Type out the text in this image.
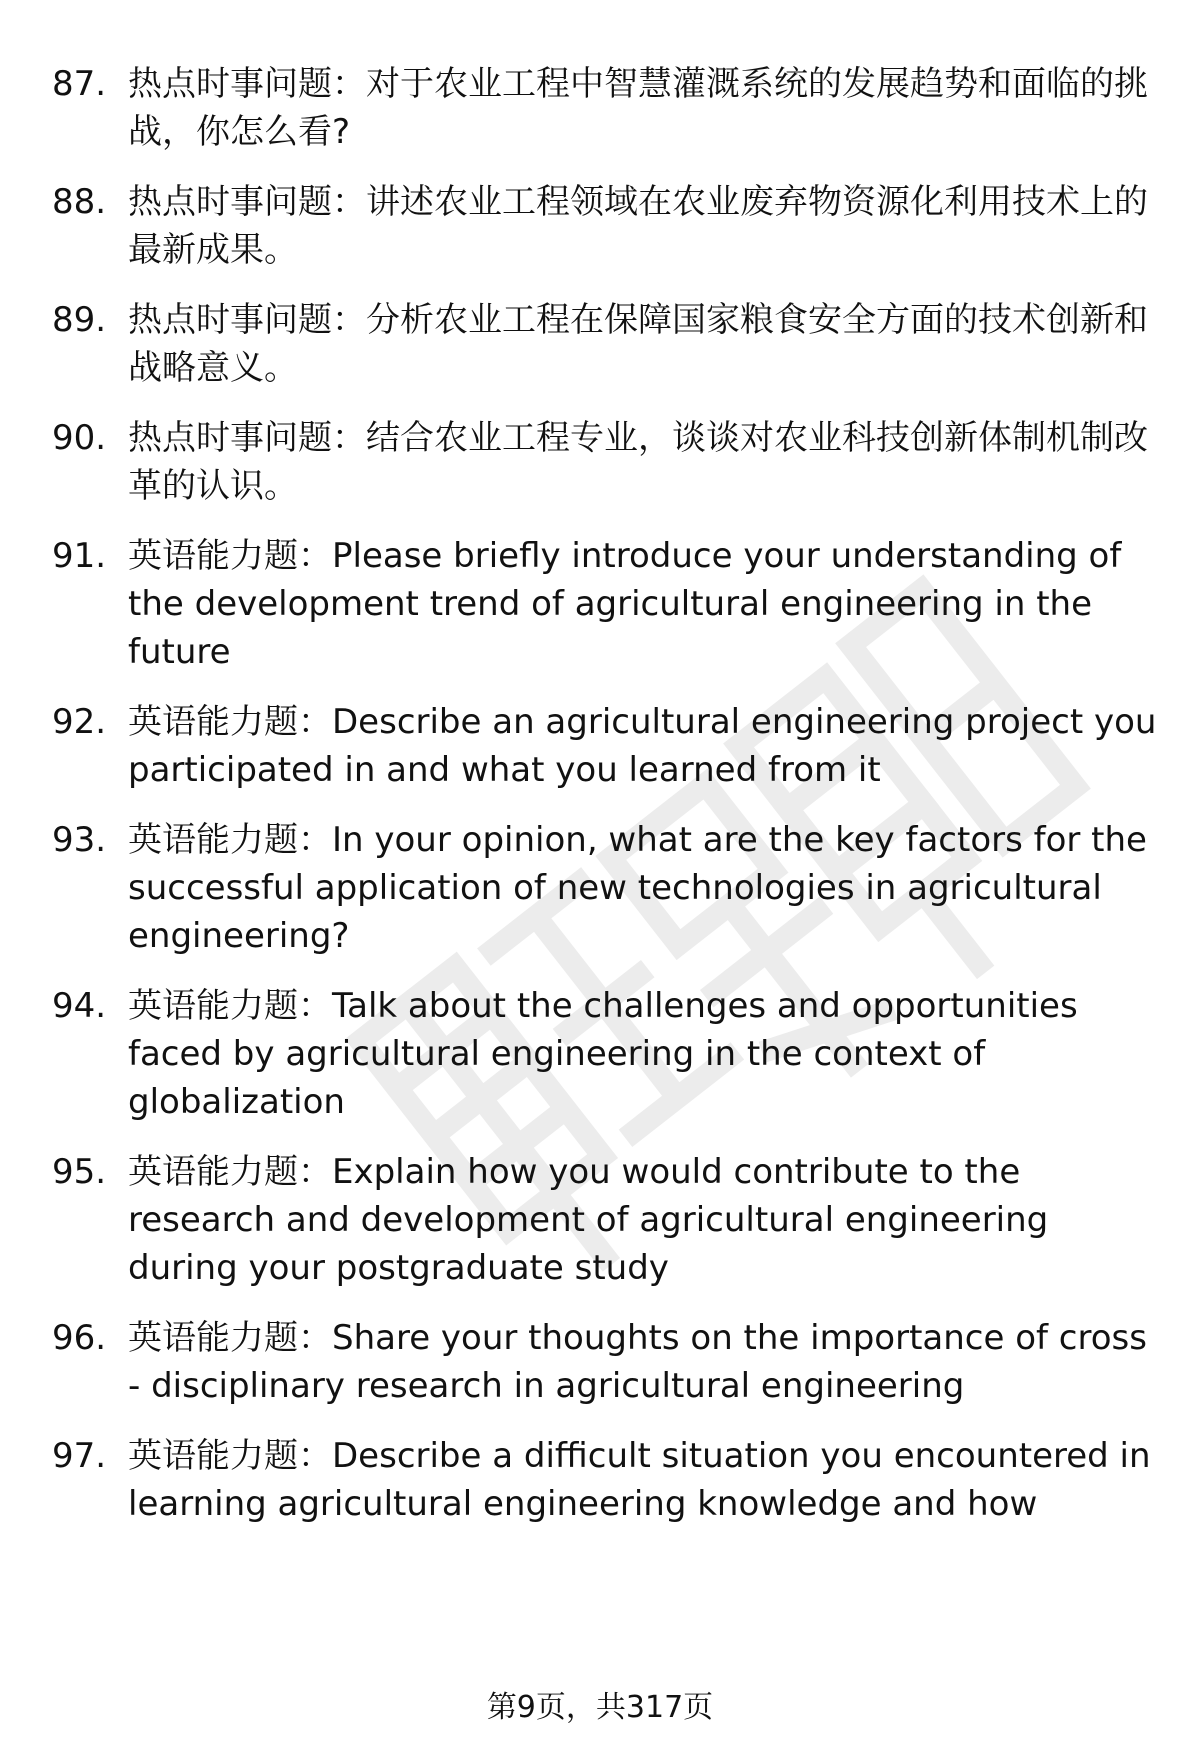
87. 热点时事问题：对于农业工程中智慧灌溉系统的发展趋势和面临的挑战，你怎么看?
88. 热点时事问题：讲述农业工程领域在农业废弃物资源化利用技术上的最新成果。
89. 热点时事问题：分析农业工程在保障国家粮食安全方面的技术创新和战略意义。
90. 热点时事问题：结合农业工程专业，谈谈对农业科技创新体制机制改革的认识。
91. 英语能力题：Please briefly introduce your understanding of the development trend of agricultural engineering in the future
92. 英语能力题：Describe an agricultural engineering project you participated in and what you learned from it
93. 英语能力题：In your opinion, what are the key factors for the successful application of new technologies in agricultural engineering?
94. 英语能力题：Talk about the challenges and opportunities faced by agricultural engineering in the context of globalization
95. 英语能力题：Explain how you would contribute to the research and development of agricultural engineering during your postgraduate study
96. 英语能力题：Share your thoughts on the importance of cross - disciplinary research in agricultural engineering
97. 英语能力题：Describe a difficult situation you encountered in learning agricultural engineering knowledge and how
第9页，共317页
